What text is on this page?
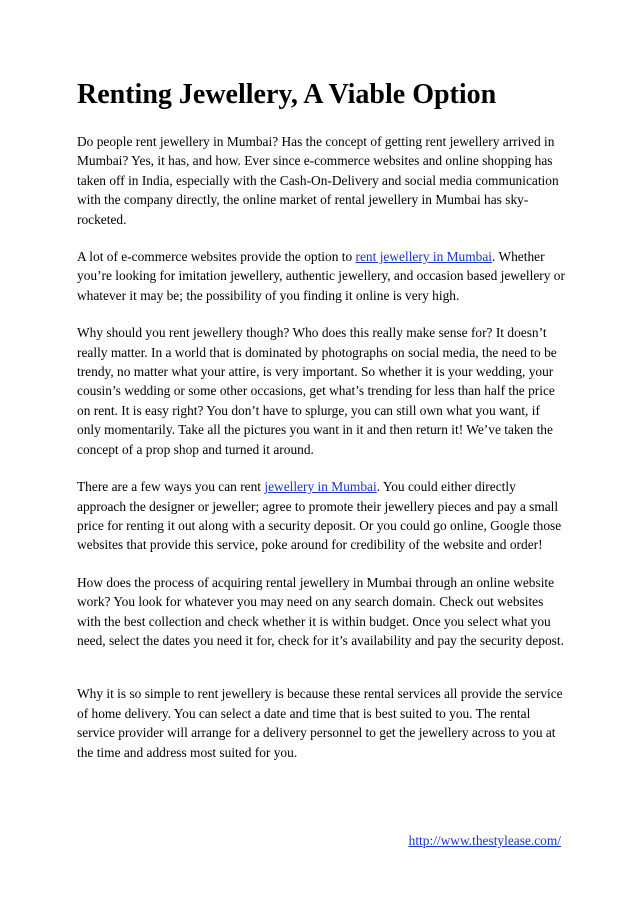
Renting Jewellery, A Viable Option

Do people rent jewellery in Mumbai? Has the concept of getting rent jewellery arrived in Mumbai? Yes, it has, and how. Ever since e-commerce websites and online shopping has taken off in India, especially with the Cash-On-Delivery and social media communication with the company directly, the online market of rental jewellery in Mumbai has sky-rocketed.

A lot of e-commerce websites provide the option to rent jewellery in Mumbai. Whether you’re looking for imitation jewellery, authentic jewellery, and occasion based jewellery or whatever it may be; the possibility of you finding it online is very high.

Why should you rent jewellery though? Who does this really make sense for? It doesn’t really matter. In a world that is dominated by photographs on social media, the need to be trendy, no matter what your attire, is very important. So whether it is your wedding, your cousin’s wedding or some other occasions, get what’s trending for less than half the price on rent. It is easy right? You don’t have to splurge, you can still own what you want, if only momentarily. Take all the pictures you want in it and then return it! We’ve taken the concept of a prop shop and turned it around.

There are a few ways you can rent jewellery in Mumbai. You could either directly approach the designer or jeweller; agree to promote their jewellery pieces and pay a small price for renting it out along with a security deposit. Or you could go online, Google those websites that provide this service, poke around for credibility of the website and order!

How does the process of acquiring rental jewellery in Mumbai through an online website work? You look for whatever you may need on any search domain. Check out websites with the best collection and check whether it is within budget. Once you select what you need, select the dates you need it for, check for it’s availability and pay the security depost.

Why it is so simple to rent jewellery is because these rental services all provide the service of home delivery. You can select a date and time that is best suited to you. The rental service provider will arrange for a delivery personnel to get the jewellery across to you at the time and address most suited for you.

http://www.thestylease.com/
